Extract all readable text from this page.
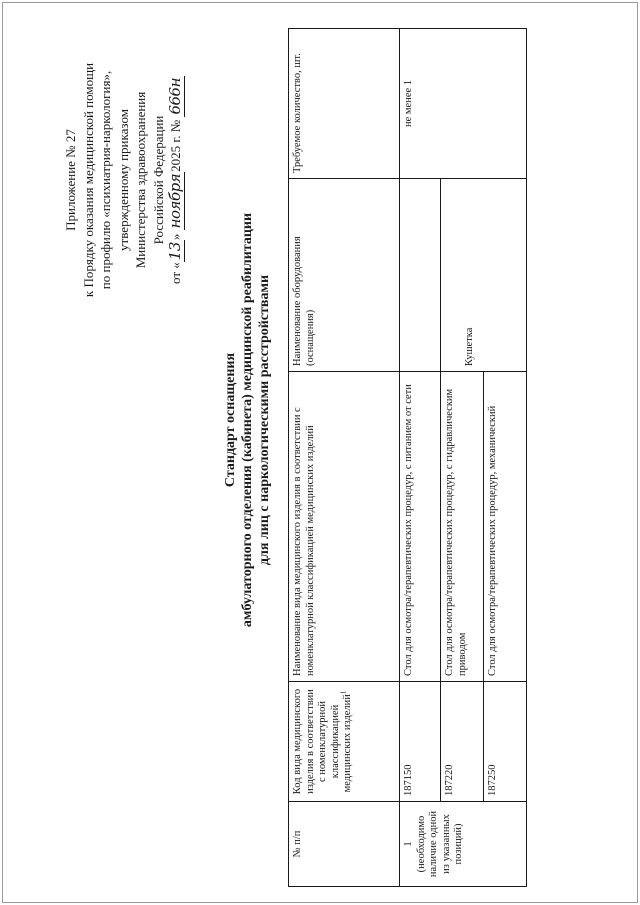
Приложение № 27 к Порядку оказания медицинской помощи по профилю «психиатрия-наркология», утвержденному приказом Министерства здравоохранения Российской Федерации
от «13» ноября2025 г. № 666н
Стандарт оснащения амбулаторного отделения (кабинета) медицинской реабилитации для лиц с наркологическими расстройствами
№ п/п	Код вида медицинского изделия в соответствии с номенклатурной классификацией медицинских изделий$^1$	Наименование вида медицинского изделия в соответствии с номенклатурной классификацией медицинских изделий	Наименование оборудования (оснащения)	Требуемое количество, шт.

1 (необходимо наличие одной из указанных позиций)	187150	Стол для осмотра/терапевтических процедур, с питанием от сети		не менее 1
	187220	Стол для осмотра/терапевтических процедур, с гидравлическим приводом	Кушетка	

	187250	Стол для осмотра/терапевтических процедур, механический		
